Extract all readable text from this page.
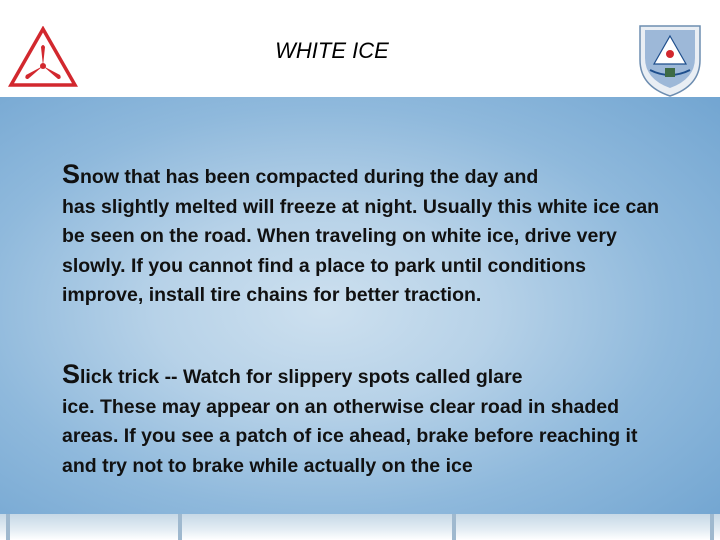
WHITE ICE
Snow that has been compacted during the day and
has slightly melted will freeze at night. Usually this white ice can be seen on the road. When traveling on white ice, drive very slowly. If you cannot find a place to park until conditions improve, install tire chains for better traction.
Slick trick -- Watch for slippery spots called glare
ice. These may appear on an otherwise clear road in shaded areas. If you see a patch of ice ahead, brake before reaching it and try not to brake while actually on the ice
